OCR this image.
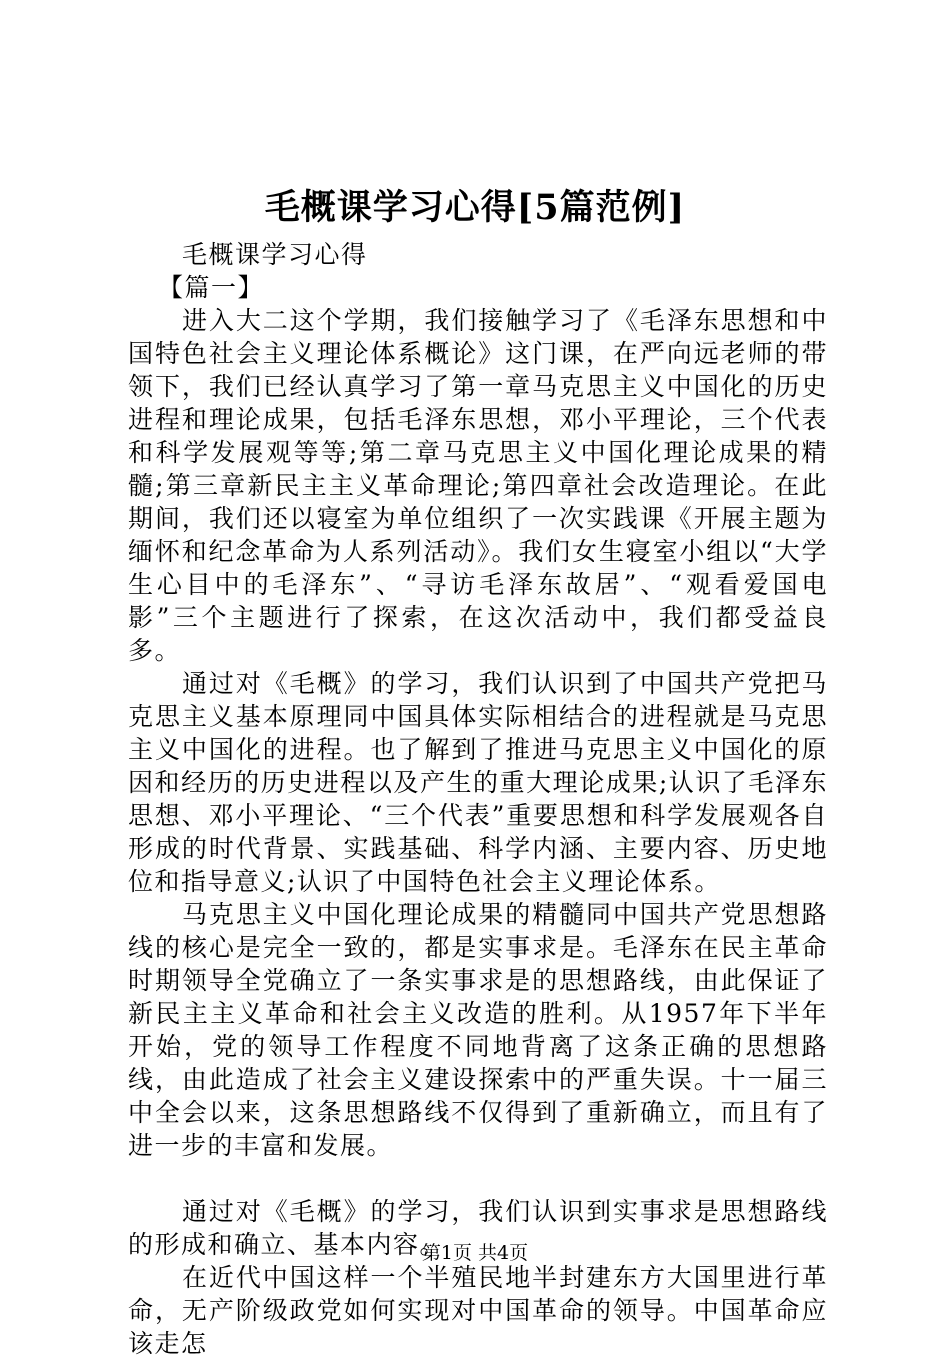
毛概课学习心得[5篇范例]

毛概课学习心得

【篇一】

进入大二这个学期，我们接触学习了《毛泽东思想和中国特色社会主义理论体系概论》这门课，在严向远老师的带领下，我们已经认真学习了第一章马克思主义中国化的历史进程和理论成果，包括毛泽东思想，邓小平理论，三个代表和科学发展观等等;第二章马克思主义中国化理论成果的精髓;第三章新民主主义革命理论;第四章社会改造理论。在此期间，我们还以寝室为单位组织了一次实践课《开展主题为缅怀和纪念革命为人系列活动》。我们女生寝室小组以“大学生心目中的毛泽东”、“寻访毛泽东故居”、“观看爱国电影”三个主题进行了探索，在这次活动中，我们都受益良多。

通过对《毛概》的学习，我们认识到了中国共产党把马克思主义基本原理同中国具体实际相结合的进程就是马克思主义中国化的进程。也了解到了推进马克思主义中国化的原因和经历的历史进程以及产生的重大理论成果;认识了毛泽东思想、邓小平理论、“三个代表”重要思想和科学发展观各自形成的时代背景、实践基础、科学内涵、主要内容、历史地位和指导意义;认识了中国特色社会主义理论体系。

马克思主义中国化理论成果的精髓同中国共产党思想路线的核心是完全一致的，都是实事求是。毛泽东在民主革命时期领导全党确立了一条实事求是的思想路线，由此保证了新民主主义革命和社会主义改造的胜利。从1957年下半年开始，党的领导工作程度不同地背离了这条正确的思想路线，由此造成了社会主义建设探索中的严重失误。十一届三中全会以来，这条思想路线不仅得到了重新确立，而且有了进一步的丰富和发展。

通过对《毛概》的学习，我们认识到实事求是思想路线的形成和确立、基本内容。

在近代中国这样一个半殖民地半封建东方大国里进行革命，无产阶级政党如何实现对中国革命的领导。中国革命应该走怎

第1页 共4页
